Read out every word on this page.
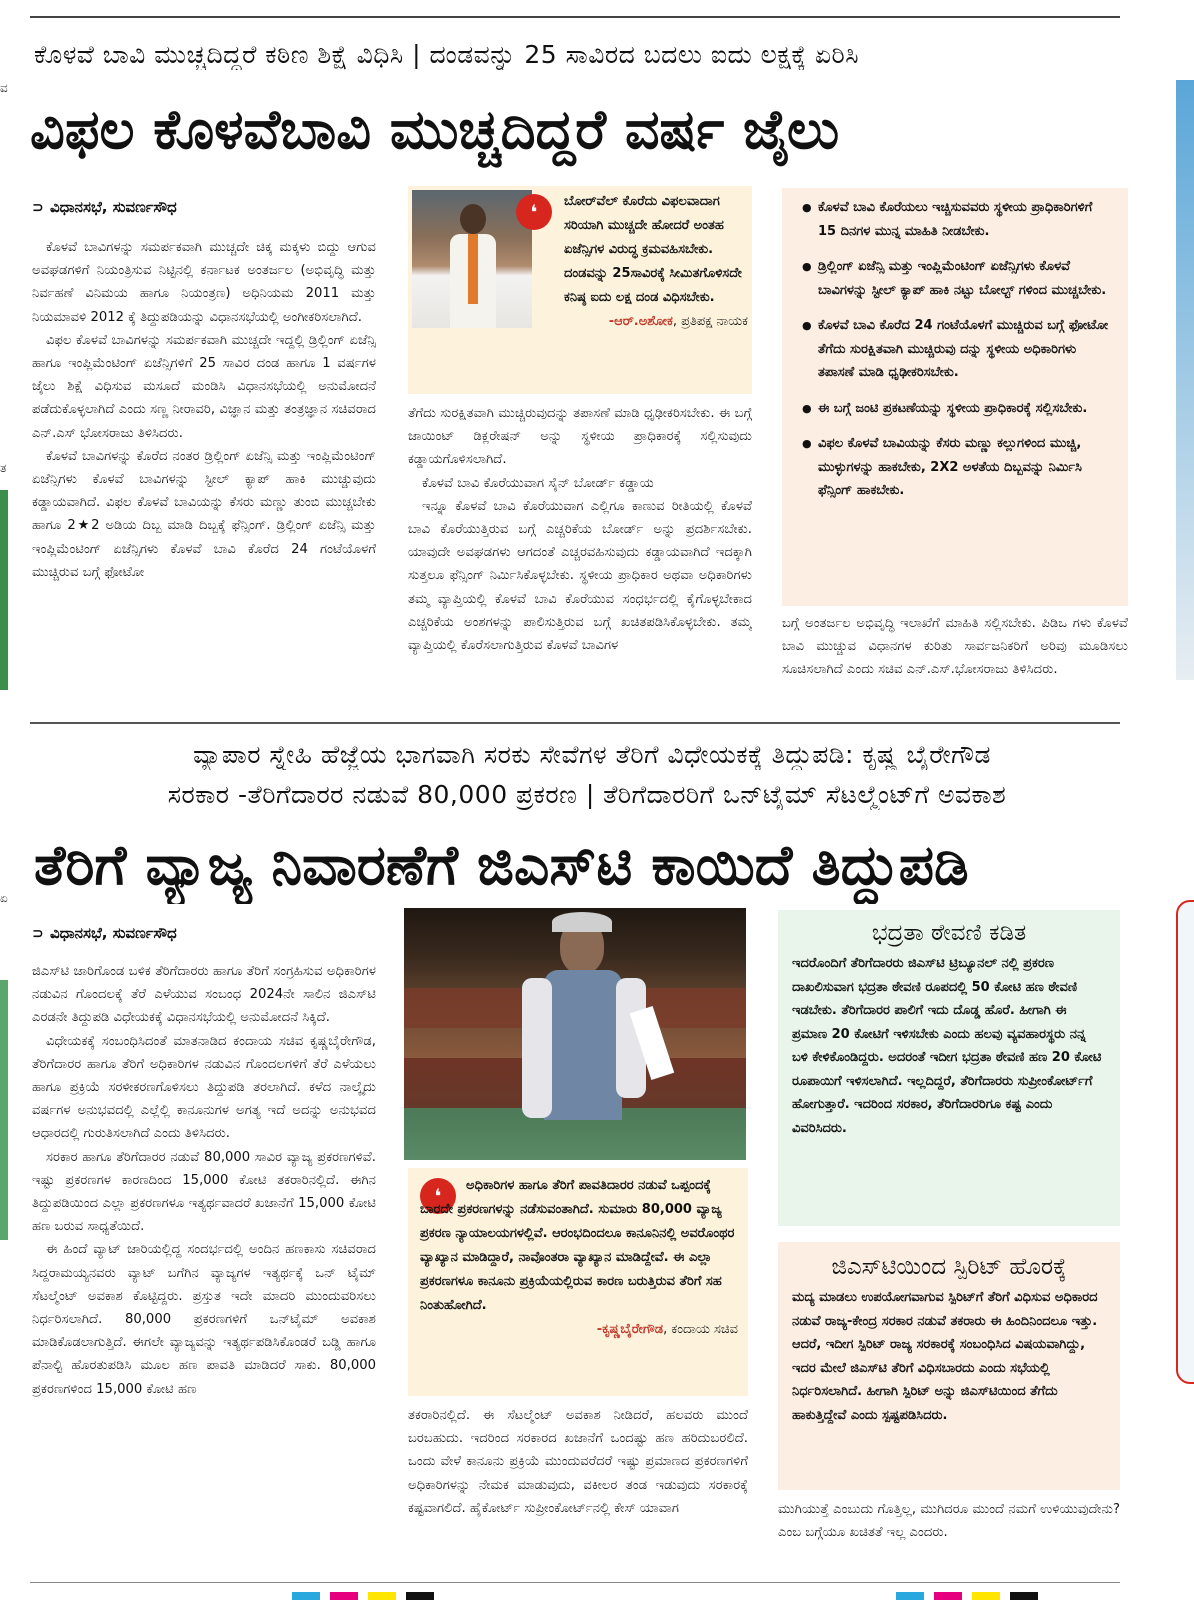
ವ
ತ
ಏ
ಕೊಳವೆ ಬಾವಿ ಮುಚ್ಚದಿದ್ದರೆ ಕಠಿಣ ಶಿಕ್ಷೆ ವಿಧಿಸಿ | ದಂಡವನ್ನು 25 ಸಾವಿರದ ಬದಲು ಐದು ಲಕ್ಷಕ್ಕೆ ಏರಿಸಿ
ವಿಫಲ ಕೊಳವೆಬಾವಿ ಮುಚ್ಚದಿದ್ದರೆ ವರ್ಷ ಜೈಲು
⊃ ವಿಧಾನಸಭೆ, ಸುವರ್ಣಸೌಧ

ಕೊಳವೆ ಬಾವಿಗಳನ್ನು ಸಮರ್ಪಕವಾಗಿ ಮುಚ್ಚದೇ ಚಿಕ್ಕ ಮಕ್ಕಳು ಬಿದ್ದು ಆಗುವ ಅವಘಡಗಳಿಗೆ ನಿಯಂತ್ರಿಸುವ ನಿಟ್ಟಿನಲ್ಲಿ ಕರ್ನಾಟಕ ಅಂತರ್ಜಲ (ಅಭಿವೃದ್ಧಿ ಮತ್ತು ನಿರ್ವಹಣೆ ವಿನಿಮಯ ಹಾಗೂ ನಿಯಂತ್ರಣ) ಅಧಿನಿಯಮ 2011 ಮತ್ತು ನಿಯಮಾವಳಿ 2012 ಕ್ಕೆ ತಿದ್ದುಪಡಿಯನ್ನು ವಿಧಾನಸಭೆಯಲ್ಲಿ ಅಂಗೀಕರಿಸಲಾಗಿದೆ.

ವಿಫಲ ಕೊಳವೆ ಬಾವಿಗಳನ್ನು ಸಮರ್ಪಕವಾಗಿ ಮುಚ್ಚದೇ ಇದ್ದಲ್ಲಿ ಡ್ರಿಲ್ಲಿಂಗ್ ಏಜೆನ್ಸಿ ಹಾಗೂ ಇಂಪ್ಲಿಮೆಂಟಿಂಗ್ ಏಜೆನ್ಸಿಗಳಿಗೆ 25 ಸಾವಿರ ದಂಡ ಹಾಗೂ 1 ವರ್ಷಗಳ ಜೈಲು ಶಿಕ್ಷೆ ವಿಧಿಸುವ ಮಸೂದೆ ಮಂಡಿಸಿ ವಿಧಾನಸಭೆಯಲ್ಲಿ ಅನುಮೋದನೆ ಪಡೆದುಕೊಳ್ಳಲಾಗಿದೆ ಎಂದು ಸಣ್ಣ ನೀರಾವರಿ, ವಿಜ್ಞಾನ ಮತ್ತು ತಂತ್ರಜ್ಞಾನ ಸಚಿವರಾದ ಎನ್.ಎಸ್ ಭೋಸರಾಜು ತಿಳಿಸಿದರು.

ಕೊಳವೆ ಬಾವಿಗಳನ್ನು ಕೊರೆದ ನಂತರ ಡ್ರಿಲ್ಲಿಂಗ್ ಏಜೆನ್ಸಿ ಮತ್ತು ಇಂಪ್ಲಿಮೆಂಟಿಂಗ್ ಏಜೆನ್ಸಿಗಳು ಕೊಳವೆ ಬಾವಿಗಳನ್ನು ಸ್ಟೀಲ್ ಕ್ಯಾಪ್ ಹಾಕಿ ಮುಚ್ಚುವುದು ಕಡ್ಡಾಯವಾಗಿದೆ. ವಿಫಲ ಕೊಳವೆ ಬಾವಿಯನ್ನು ಕೆಸರು ಮಣ್ಣು ತುಂಬಿ ಮುಚ್ಚಬೇಕು ಹಾಗೂ 2★2 ಅಡಿಯ ದಿಬ್ಬ ಮಾಡಿ ದಿಬ್ಬಕ್ಕೆ ಫೆನ್ಸಿಂಗ್. ಡ್ರಿಲ್ಲಿಂಗ್ ಏಜೆನ್ಸಿ ಮತ್ತು ಇಂಪ್ಲಿಮೆಂಟಿಂಗ್ ಏಜೆನ್ಸಿಗಳು ಕೊಳವೆ ಬಾವಿ ಕೊರೆದ 24 ಗಂಟೆಯೊಳಗೆ ಮುಚ್ಚಿರುವ ಬಗ್ಗೆ ಫೋಟೋ

❛	ಬೋರ್‌ವೆಲ್ ಕೊರೆದು ವಿಫಲವಾದಾಗ ಸರಿಯಾಗಿ ಮುಚ್ಚದೇ ಹೋದರೆ ಅಂತಹ ಏಜೆನ್ಸಿಗಳ ವಿರುದ್ಧ ಕ್ರಮವಹಿಸಬೇಕು. ದಂಡವನ್ನು 25ಸಾವಿರಕ್ಕೆ ಸೀಮಿತಗೊಳಿಸದೇ ಕನಿಷ್ಠ ಐದು ಲಕ್ಷ ದಂಡ ವಿಧಿಸಬೇಕು.
-ಆರ್.ಅಶೋಕ, ಪ್ರತಿಪಕ್ಷ ನಾಯಕ

ತೆಗೆದು ಸುರಕ್ಷಿತವಾಗಿ ಮುಚ್ಚಿರುವುದನ್ನು ತಪಾಸಣೆ ಮಾಡಿ ಧೃಢೀಕರಿಸಬೇಕು. ಈ ಬಗ್ಗೆ ಜಾಯಿಂಟ್ ಡಿಕ್ಲರೇಷನ್ ಅನ್ನು ಸ್ಥಳೀಯ ಪ್ರಾಧಿಕಾರಕ್ಕೆ ಸಲ್ಲಿಸುವುದು ಕಡ್ಡಾಯಗೊಳಿಸಲಾಗಿದೆ.

ಕೊಳವೆ ಬಾವಿ ಕೊರೆಯುವಾಗ ಸೈನ್ ಬೋರ್ಡ್ ಕಡ್ಡಾಯ

ಇನ್ನೂ ಕೊಳವೆ ಬಾವಿ ಕೊರೆಯುವಾಗ ಎಲ್ಲಿಗೂ ಕಾಣುವ ರೀತಿಯಲ್ಲಿ ಕೊಳವೆ ಬಾವಿ ಕೊರೆಯುತ್ತಿರುವ ಬಗ್ಗೆ ಎಚ್ಚರಿಕೆಯ ಬೋರ್ಡ್ ಅನ್ನು ಪ್ರದರ್ಶಿಸಬೇಕು. ಯಾವುದೇ ಅವಘಡಗಳು ಆಗದಂತೆ ಎಚ್ಚರವಹಿಸುವುದು ಕಡ್ಡಾಯವಾಗಿದೆ ಇದಕ್ಕಾಗಿ ಸುತ್ತಲೂ ಫೆನ್ಸಿಂಗ್ ನಿರ್ಮಿಸಿಕೊಳ್ಳಬೇಕು. ಸ್ಥಳೀಯ ಪ್ರಾಧಿಕಾರ ಅಥವಾ ಅಧಿಕಾರಿಗಳು ತಮ್ಮ ವ್ಯಾಪ್ತಿಯಲ್ಲಿ ಕೊಳವೆ ಬಾವಿ ಕೊರೆಯುವ ಸಂಧರ್ಭದಲ್ಲಿ ಕೈಗೊಳ್ಳಬೇಕಾದ ಎಚ್ಚರಿಕೆಯ ಅಂಶಗಳನ್ನು ಪಾಲಿಸುತ್ತಿರುವ ಬಗ್ಗೆ ಖಚಿತಪಡಿಸಿಕೊಳ್ಳಬೇಕು. ತಮ್ಮ ವ್ಯಾಪ್ತಿಯಲ್ಲಿ ಕೊರೆಸಲಾಗುತ್ತಿರುವ ಕೊಳವೆ ಬಾವಿಗಳ

● ಕೊಳವೆ ಬಾವಿ ಕೊರೆಯಲು ಇಚ್ಚಿಸುವವರು ಸ್ಥಳೀಯ ಪ್ರಾಧಿಕಾರಿಗಳಿಗೆ 15 ದಿನಗಳ ಮುನ್ನ ಮಾಹಿತಿ ನೀಡಬೇಕು.
● ಡ್ರಿಲ್ಲಿಂಗ್ ಏಜೆನ್ಸಿ ಮತ್ತು ಇಂಪ್ಲಿಮೆಂಟಿಂಗ್ ಏಜೆನ್ಸಿಗಳು ಕೊಳವೆ ಬಾವಿಗಳನ್ನು ಸ್ಟೀಲ್ ಕ್ಯಾಪ್ ಹಾಕಿ ನಟ್ಟು ಬೋಲ್ಟ್ ಗಳಿಂದ ಮುಚ್ಚಬೇಕು.
● ಕೊಳವೆ ಬಾವಿ ಕೊರೆದ 24 ಗಂಟೆಯೊಳಗೆ ಮುಚ್ಚಿರುವ ಬಗ್ಗೆ ಫೋಟೋ ತೆಗೆದು ಸುರಕ್ಷಿತವಾಗಿ ಮುಚ್ಚಿರುವು ದನ್ನು ಸ್ಥಳೀಯ ಅಧಿಕಾರಿಗಳು ತಪಾಸಣೆ ಮಾಡಿ ಧೃಢೀಕರಿಸಬೇಕು.
● ಈ ಬಗ್ಗೆ ಜಂಟಿ ಪ್ರಕಟಣೆಯನ್ನು ಸ್ಥಳೀಯ ಪ್ರಾಧಿಕಾರಕ್ಕೆ ಸಲ್ಲಿಸಬೇಕು.
● ವಿಫಲ ಕೊಳವೆ ಬಾವಿಯನ್ನು ಕೆಸರು ಮಣ್ಣು ಕಲ್ಲುಗಳಿಂದ ಮುಚ್ಚಿ, ಮುಳ್ಳುಗಳನ್ನು ಹಾಕಬೇಕು, 2X2 ಅಳತೆಯ ದಿಬ್ಬವನ್ನು ನಿರ್ಮಿಸಿ ಫೆನ್ಸಿಂಗ್ ಹಾಕಬೇಕು.

ಬಗ್ಗೆ ಅಂತರ್ಜಲ ಅಭಿವೃದ್ಧಿ ಇಲಾಖೆಗೆ ಮಾಹಿತಿ ಸಲ್ಲಿಸಬೇಕು. ಪಿಡಿಒ ಗಳು ಕೊಳವೆ ಬಾವಿ ಮುಚ್ಚುವ ವಿಧಾನಗಳ ಕುರಿತು ಸಾರ್ವಜನಿಕರಿಗೆ ಅರಿವು ಮೂಡಿಸಲು ಸೂಚಿಸಲಾಗಿದೆ ಎಂದು ಸಚಿವ ಎನ್.ಎಸ್.ಭೋಸರಾಜು ತಿಳಿಸಿದರು.

ವ್ಯಾಪಾರ ಸ್ನೇಹಿ ಹೆಜ್ಜೆಯ ಭಾಗವಾಗಿ ಸರಕು ಸೇವೆಗಳ ತೆರಿಗೆ ವಿಧೇಯಕಕ್ಕೆ ತಿದ್ದುಪಡಿ: ಕೃಷ್ಣ ಬೈರೇಗೌಡ
ಸರಕಾರ -ತೆರಿಗೆದಾರರ ನಡುವೆ 80,000 ಪ್ರಕರಣ | ತೆರಿಗೆದಾರರಿಗೆ ಒನ್‌ಟೈಮ್ ಸೆಟಲ್ಮೆಂಟ್‌ಗೆ ಅವಕಾಶ
ತೆರಿಗೆ ವ್ಯಾಜ್ಯ ನಿವಾರಣೆಗೆ ಜಿಎಸ್‌ಟಿ ಕಾಯಿದೆ ತಿದ್ದುಪಡಿ
⊃ ವಿಧಾನಸಭೆ, ಸುವರ್ಣಸೌಧ

ಜಿಎಸ್‌ಟಿ ಜಾರಿಗೊಂಡ ಬಳಿಕ ತೆರಿಗೆದಾರರು ಹಾಗೂ ತೆರಿಗೆ ಸಂಗ್ರಹಿಸುವ ಅಧಿಕಾರಿಗಳ ನಡುವಿನ ಗೊಂದಲಕ್ಕೆ ತೆರೆ ಎಳೆಯುವ ಸಂಬಂಧ 2024ನೇ ಸಾಲಿನ ಜಿಎಸ್‌ಟಿ ಎರಡನೇ ತಿದ್ದುಪಡಿ ವಿಧೇಯಕಕ್ಕೆ ವಿಧಾನಸಭೆಯಲ್ಲಿ ಅನುಮೋದನೆ ಸಿಕ್ಕಿದೆ.

ವಿಧೇಯಕಕ್ಕೆ ಸಂಬಂಧಿಸಿದಂತೆ ಮಾತನಾಡಿದ ಕಂದಾಯ ಸಚಿವ ಕೃಷ್ಣಬೈರೇಗೌಡ, ತೆರಿಗೆದಾರರ ಹಾಗೂ ತೆರಿಗೆ ಅಧಿಕಾರಿಗಳ ನಡುವಿನ ಗೊಂದಲಗಳಿಗೆ ತೆರೆ ಎಳೆಯಲು ಹಾಗೂ ಪ್ರಕ್ರಿಯೆ ಸರಳೀಕರಣಗೊಳಿಸಲು ತಿದ್ದುಪಡಿ ತರಲಾಗಿದೆ. ಕಳೆದ ನಾಲ್ಕೈದು ವರ್ಷಗಳ ಅನುಭವದಲ್ಲಿ ಎಲ್ಲೆಲ್ಲಿ ಕಾನೂನುಗಳ ಅಗತ್ಯ ಇದೆ ಅದನ್ನು ಅನುಭವದ ಆಧಾರದಲ್ಲಿ ಗುರುತಿಸಲಾಗಿದೆ ಎಂದು ತಿಳಿಸಿದರು.

ಸರಕಾರ ಹಾಗೂ ತೆರಿಗೆದಾರರ ನಡುವೆ 80,000 ಸಾವಿರ ವ್ಯಾಜ್ಯ ಪ್ರಕರಣಗಳಿವೆ. ಇಷ್ಟು ಪ್ರಕರಣಗಳ ಕಾರಣದಿಂದ 15,000 ಕೋಟಿ ತಕರಾರಿನಲ್ಲಿದೆ. ಈಗಿನ ತಿದ್ದುಪಡಿಯಿಂದ ಎಲ್ಲಾ ಪ್ರಕರಣಗಳೂ ಇತ್ಯರ್ಥವಾದರೆ ಖಜಾನೆಗೆ 15,000 ಕೋಟಿ ಹಣ ಬರುವ ಸಾಧ್ಯತೆಯಿದೆ.

ಈ ಹಿಂದೆ ವ್ಯಾಟ್ ಜಾರಿಯಲ್ಲಿದ್ದ ಸಂದರ್ಭದಲ್ಲಿ ಅಂದಿನ ಹಣಕಾಸು ಸಚಿವರಾದ ಸಿದ್ದರಾಮಯ್ಯನವರು ವ್ಯಾಟ್ ಬಗೆಗಿನ ವ್ಯಾಜ್ಯಗಳ ಇತ್ಯರ್ಥಕ್ಕೆ ಒನ್ ಟೈಮ್ ಸೆಟಲ್ಮೆಂಟ್ ಅವಕಾಶ ಕೊಟ್ಟಿದ್ದರು. ಪ್ರಸ್ತುತ ಇದೇ ಮಾದರಿ ಮುಂದುವರಿಸಲು ನಿರ್ಧರಿಸಲಾಗಿದೆ. 80,000 ಪ್ರಕರಣಗಳಿಗೆ ಒನ್‌ಟೈಮ್ ಅವಕಾಶ ಮಾಡಿಕೊಡಲಾಗುತ್ತಿದೆ. ಈಗಲೇ ವ್ಯಾಜ್ಯವನ್ನು ಇತ್ಯರ್ಥಪಡಿಸಿಕೊಂಡರೆ ಬಡ್ಡಿ ಹಾಗೂ ಪೆನಾಲ್ಟಿ ಹೊರತುಪಡಿಸಿ ಮೂಲ ಹಣ ಪಾವತಿ ಮಾಡಿದರೆ ಸಾಕು. 80,000 ಪ್ರಕರಣಗಳಿಂದ 15,000 ಕೋಟಿ ಹಣ

❛	ಅಧಿಕಾರಿಗಳ ಹಾಗೂ ತೆರಿಗೆ ಪಾವತಿದಾರರ ನಡುವೆ ಒಪ್ಪಂದಕ್ಕೆ ಬಾರದೇ ಪ್ರಕರಣಗಳನ್ನು ನಡೆಸುವಂತಾಗಿದೆ. ಸುಮಾರು 80,000 ವ್ಯಾಜ್ಯ ಪ್ರಕರಣ ನ್ಯಾಯಾಲಯಗಳಲ್ಲಿವೆ. ಆರಂಭದಿಂದಲೂ ಕಾನೂನಿನಲ್ಲಿ ಅವರೊಂಥರ ವ್ಯಾಖ್ಯಾನ ಮಾಡಿದ್ದಾರೆ, ನಾವೊಂತರಾ ವ್ಯಾಖ್ಯಾನ ಮಾಡಿದ್ದೇವೆ. ಈ ಎಲ್ಲಾ ಪ್ರಕರಣಗಳೂ ಕಾನೂನು ಪ್ರಕ್ರಿಯೆಯಲ್ಲಿರುವ ಕಾರಣ ಬರುತ್ತಿರುವ ತೆರಿಗೆ ಸಹ ನಿಂತುಹೋಗಿದೆ.
-ಕೃಷ್ಣಬೈರೇಗೌಡ, ಕಂದಾಯ ಸಚಿವ

ತಕರಾರಿನಲ್ಲಿದೆ. ಈ ಸೆಟಲ್ಮೆಂಟ್ ಅವಕಾಶ ನೀಡಿದರೆ, ಹಲವರು ಮುಂದೆ ಬರಬಹುದು. ಇದರಿಂದ ಸರಕಾರದ ಖಜಾನೆಗೆ ಒಂದಷ್ಟು ಹಣ ಹರಿದುಬರಲಿದೆ. ಒಂದು ವೇಳೆ ಕಾನೂನು ಪ್ರಕ್ರಿಯೆ ಮುಂದುವರೆದರೆ ಇಷ್ಟು ಪ್ರಮಾಣದ ಪ್ರಕರಣಗಳಿಗೆ ಅಧಿಕಾರಿಗಳನ್ನು ನೇಮಕ ಮಾಡುವುದು, ವಕೀಲರ ತಂಡ ಇಡುವುದು ಸರಕಾರಕ್ಕೆ ಕಷ್ಟವಾಗಲಿದೆ. ಹೈಕೋರ್ಟ್ ಸುಪ್ರೀಂಕೋರ್ಟ್‌ನಲ್ಲಿ ಕೇಸ್ ಯಾವಾಗ

ಭದ್ರತಾ ಠೇವಣಿ ಕಡಿತ
ಇದರೊಂದಿಗೆ ತೆರಿಗೆದಾರರು ಜಿಎಸ್‌ಟಿ ಟ್ರಿಬ್ಯೂನಲ್ ನಲ್ಲಿ ಪ್ರಕರಣ ದಾಖಲಿಸುವಾಗ ಭದ್ರತಾ ಠೇವಣಿ ರೂಪದಲ್ಲಿ 50 ಕೋಟಿ ಹಣ ಠೇವಣಿ ಇಡಬೇಕು. ತೆರಿಗೆದಾರರ ಪಾಲಿಗೆ ಇದು ದೊಡ್ಡ ಹೊರೆ. ಹೀಗಾಗಿ ಈ ಪ್ರಮಾಣ 20 ಕೋಟಿಗೆ ಇಳಿಸಬೇಕು ಎಂದು ಹಲವು ವ್ಯವಹಾರಸ್ಥರು ನನ್ನ ಬಳಿ ಕೇಳಿಕೊಂಡಿದ್ದರು. ಅದರಂತೆ ಇದೀಗ ಭದ್ರತಾ ಠೇವಣಿ ಹಣ 20 ಕೋಟಿ ರೂಪಾಯಿಗೆ ಇಳಿಸಲಾಗಿದೆ. ಇಲ್ಲದಿದ್ದರೆ, ತೆರಿಗೆದಾರರು ಸುಪ್ರೀಂಕೋರ್ಟ್‌ಗೆ ಹೋಗುತ್ತಾರೆ. ಇದರಿಂದ ಸರಕಾರ, ತೆರಿಗೆದಾರರಿಗೂ ಕಷ್ಟ ಎಂದು ವಿವರಿಸಿದರು.
ಜಿಎಸ್‌ಟಿಯಿಂದ ಸ್ಪಿರಿಟ್ ಹೊರಕ್ಕೆ
ಮದ್ಯ ಮಾಡಲು ಉಪಯೋಗವಾಗುವ ಸ್ಪಿರಿಟ್‌ಗೆ ತೆರಿಗೆ ವಿಧಿಸುವ ಅಧಿಕಾರದ ನಡುವೆ ರಾಜ್ಯ-ಕೇಂದ್ರ ಸರಕಾರ ನಡುವೆ ತಕರಾರು ಈ ಹಿಂದಿನಿಂದಲೂ ಇತ್ತು. ಆದರೆ, ಇದೀಗ ಸ್ಪಿರಿಟ್ ರಾಜ್ಯ ಸರಕಾರಕ್ಕೆ ಸಂಬಂಧಿಸಿದ ವಿಷಯವಾಗಿದ್ದು, ಇದರ ಮೇಲೆ ಜಿಎಸ್‌ಟಿ ತೆರಿಗೆ ವಿಧಿಸಬಾರದು ಎಂದು ಸಭೆಯಲ್ಲಿ ನಿರ್ಧರಿಸಲಾಗಿದೆ. ಹೀಗಾಗಿ ಸ್ಪಿರಿಟ್ ಅನ್ನು ಜಿಎಸ್‌ಟಿಯಿಂದ ತೆಗೆದು ಹಾಕುತ್ತಿದ್ದೇವೆ ಎಂದು ಸ್ಪಷ್ಟಪಡಿಸಿದರು.

ಮುಗಿಯುತ್ತೆ ಎಂಬುದು ಗೊತ್ತಿಲ್ಲ, ಮುಗಿದರೂ ಮುಂದೆ ನಮಗೆ ಉಳಿಯುವುದೇನು? ಎಂಬ ಬಗ್ಗೆಯೂ ಖಚಿತತೆ ಇಲ್ಲ ಎಂದರು.
